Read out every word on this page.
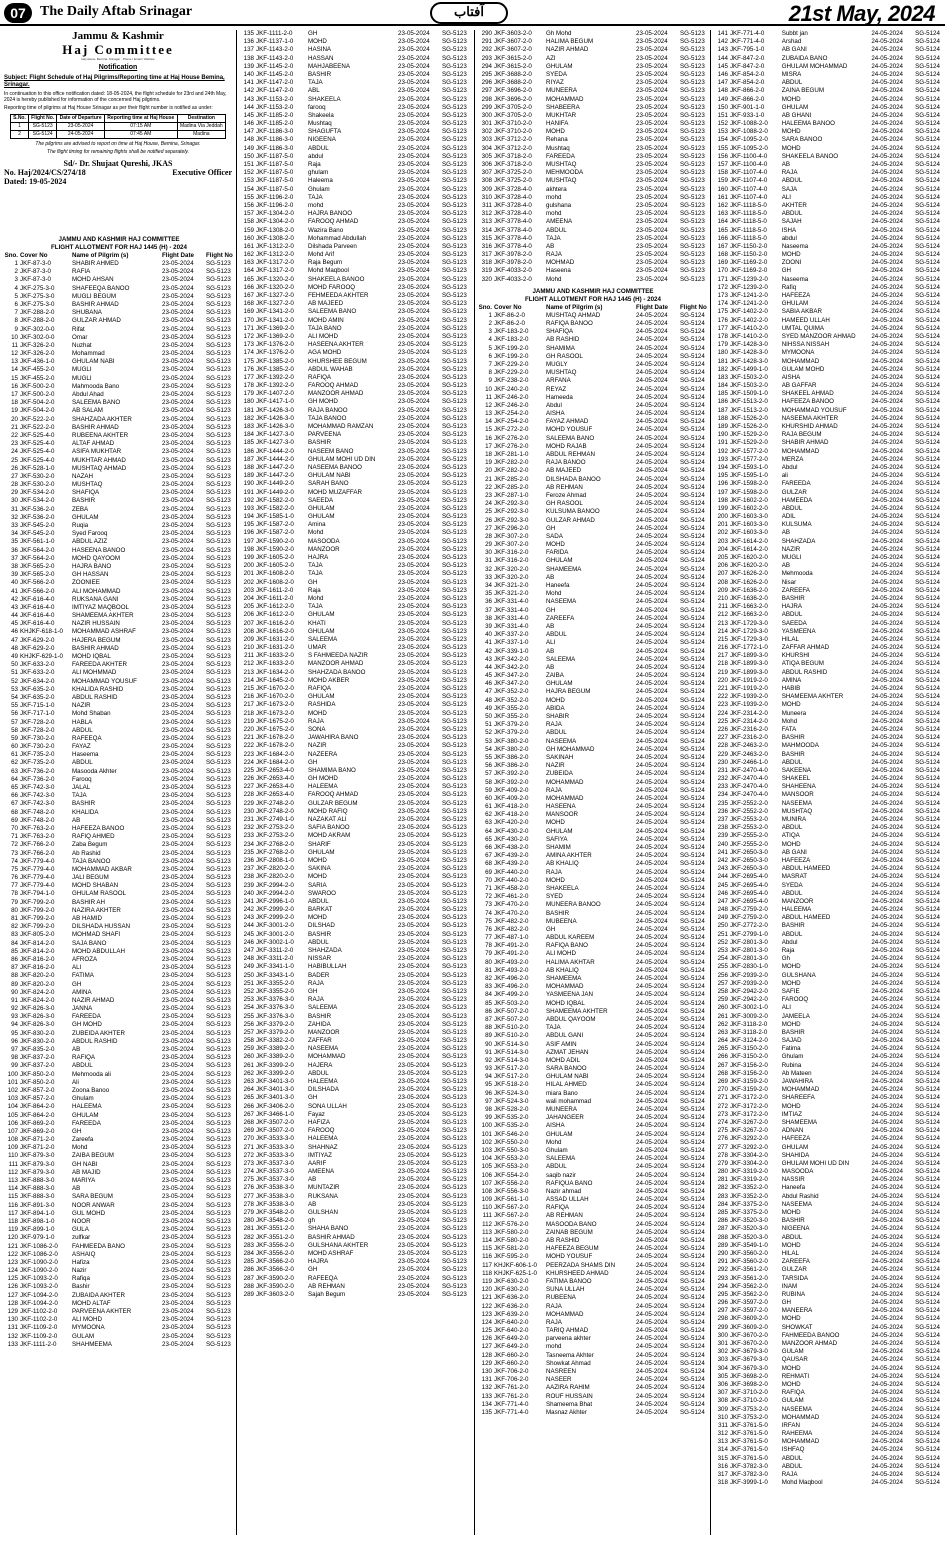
07	The Daily Aftab Srinagar	آفتاب	21st May, 2024
Jammu & Kashmir
Haj Committee
Haj House, Bemina, Srinagar · Phone / Email / Website
Notification
Subject: Flight Schedule of Haj Pilgrims/Reporting time at Haj House Bemina, Srinagar.
In continuation to this office notification dated: 18-05-2024, the flight schedule for 23rd and 24th May, 2024 is hereby published for information of the concerned Haj pilgrims.
Reporting time of pilgrims at Haj House Srinagar as per their flight number is notified as under:
S.No.	Flight No.	Date of Departure	Reporting time at Haj House	Destination
1	SG-5123	23-05-2024	07:15 AM	Madina Via Jeddah
2	SG-5124	24-05-2024	07:45 AM	Madina
The pilgrims are advised to report on time at Haj House, Bemina, Srinagar.
The flight timing for remaining flights shall be notified separately.
Sd/- Dr. Shujaat Qureshi, JKAS
No. Haj/2024/CS/274/18	Executive Officer
Dated: 19-05-2024
JAMMU AND KASHMIR HAJ COMMITTEE
FLIGHT ALLOTMENT FOR HAJ 1445 (H) - 2024
Sno. Cover No	Name of Pilgrim (s)	Flight Date	Flight No
1 JKF-87-3-0	SHABIR AHMED	23-05-2024	SG-5123
2 JKF-87-3-0	RAFIA	23-05-2024	SG-5123
3 JKF-87-3-0	MOHD AHSAN	23-05-2024	SG-5123
4 JKF-275-3-0	SHAFEEQA BANOO	23-05-2024	SG-5123
5 JKF-275-3-0	MUGLI BEGUM	23-05-2024	SG-5123
6 JKF-275-3-0	BASHIR AHMAD	23-05-2024	SG-5123
7 JKF-288-2-0	SHUBANA	23-05-2024	SG-5123
8 JKF-288-2-0	GULZAR AHMAD	23-05-2024	SG-5123
9 JKF-302-0-0	Rifat	23-05-2024	SG-5123
10 JKF-302-0-0	Omar	23-05-2024	SG-5123
11 JKF-326-2-0	Nuzhat	23-05-2024	SG-5123
12 JKF-326-2-0	Mohammad	23-05-2024	SG-5123
13 JKF-436-1-0	GHULAM NABI	23-05-2024	SG-5123
14 JKF-455-2-0	MUGLI	23-05-2024	SG-5123
15 JKF-455-2-0	MUGLI	23-05-2024	SG-5123
16 JKF-500-2-0	Mahmooda Bano	23-05-2024	SG-5123
17 JKF-500-2-0	Abdul Ahad	23-05-2024	SG-5123
18 JKF-504-2-0	SALEEMA BANO	23-05-2024	SG-5123
19 JKF-504-2-0	AB SALAM	23-05-2024	SG-5123
20 JKF-522-2-0	SHAHZADA AKHTER	23-05-2024	SG-5123
21 JKF-522-2-0	BASHIR AHMAD	23-05-2024	SG-5123
22 JKF-525-4-0	RUBEENA AKHTER	23-05-2024	SG-5123
23 JKF-525-4-0	ALTAF AHMAD	23-05-2024	SG-5123
24 JKF-525-4-0	ASIFA MUKHTAR	23-05-2024	SG-5123
25 JKF-525-4-0	MUKHTAR AHMAD	23-05-2024	SG-5123
26 JKF-528-1-0	MUSHTAQ AHMAD	23-05-2024	SG-5123
27 JKF-530-2-0	NAZAH	23-05-2024	SG-5123
28 JKF-530-2-0	MUSHTAQ	23-05-2024	SG-5123
29 JKF-534-2-0	SHAFIQA	23-05-2024	SG-5123
30 JKF-534-2-0	BASHIR	23-05-2024	SG-5123
31 JKF-536-2-0	ZEBA	23-05-2024	SG-5123
32 JKF-536-2-0	GHULAM	23-05-2024	SG-5123
33 JKF-545-2-0	Ruqia	23-05-2024	SG-5123
34 JKF-545-2-0	Syed Farooq	23-05-2024	SG-5123
35 JKF-561-1-0	ABDUL AZIZ	23-05-2024	SG-5123
36 JKF-564-2-0	HASEENA BANOO	23-05-2024	SG-5123
37 JKF-564-2-0	MOHD QAYOOM	23-05-2024	SG-5123
38 JKF-565-2-0	HAJRA BANO	23-05-2024	SG-5123
39 JKF-565-2-0	GH HASSAN	23-05-2024	SG-5123
40 JKF-566-2-0	ZOONIEE	23-05-2024	SG-5123
41 JKF-566-2-0	ALI MOHAMMAD	23-05-2024	SG-5123
42 JKF-616-4-0	RUKSANA GANI	23-05-2024	SG-5123
43 JKF-616-4-0	IMTIYAZ MAQBOOL	23-05-2024	SG-5123
44 JKF-616-4-0	SHAMEEMA AKHTER	23-05-2024	SG-5123
45 JKF-616-4-0	NAZIR HUSSAIN	23-05-2024	SG-5123
46 KHJKF-618-1-0	MOHAMMAD ASHRAF	23-05-2024	SG-5123
47 JKF-629-2-0	HAJERA BEGUM	23-05-2024	SG-5123
48 JKF-629-2-0	BASHIR AHMAD	23-05-2024	SG-5123
49 KHJKF-629-1-0	MOHD IQBAL	23-05-2024	SG-5123
50 JKF-633-2-0	FAREEDA AKHTER	23-05-2024	SG-5123
51 JKF-633-2-0	ALI MOHMMAD	23-05-2024	SG-5123
52 JKF-634-2-0	MOHAMMAD YOUSUF	23-05-2024	SG-5123
53 JKF-635-2-0	KHALIDA RASHID	23-05-2024	SG-5123
54 JKF-635-2-0	ABDUL RASHID	23-05-2024	SG-5123
55 JKF-715-1-0	NAZIR	23-05-2024	SG-5123
56 JKF-717-1-0	Mohd Shaban	23-05-2024	SG-5123
57 JKF-728-2-0	HABLA	23-05-2024	SG-5123
58 JKF-728-2-0	ABDUL	23-05-2024	SG-5123
59 JKF-730-2-0	RAFEEQA	23-05-2024	SG-5123
60 JKF-730-2-0	FAYAZ	23-05-2024	SG-5123
61 JKF-735-2-0	Haseema	23-05-2024	SG-5123
62 JKF-735-2-0	ABDUL	23-05-2024	SG-5123
63 JKF-736-2-0	Masooda Akhter	23-05-2024	SG-5123
64 JKF-736-2-0	Farooq	23-05-2024	SG-5123
65 JKF-742-3-0	JALAL	23-05-2024	SG-5123
66 JKF-742-3-0	TAJA	23-05-2024	SG-5123
67 JKF-742-3-0	BASHIR	23-05-2024	SG-5123
68 JKF-748-2-0	KHALIDA	23-05-2024	SG-5123
69 JKF-748-2-0	AB	23-05-2024	SG-5123
70 JKF-763-2-0	HAFEEZA BANOO	23-05-2024	SG-5123
71 JKF-763-2-0	RAFIQ AHMED	23-05-2024	SG-5123
72 JKF-766-2-0	Zaba Begum	23-05-2024	SG-5123
73 JKF-766-2-0	Ab Rashid	23-05-2024	SG-5123
74 JKF-779-4-0	TAJA BANOO	23-05-2024	SG-5123
75 JKF-779-4-0	MOHAMMAD AKBAR	23-05-2024	SG-5123
76 JKF-779-4-0	JALI BEGUM	23-05-2024	SG-5123
77 JKF-779-4-0	MOHD SHABAN	23-05-2024	SG-5123
78 JKF-794-1-0	GHULAM RASOOL	23-05-2024	SG-5123
79 JKF-799-2-0	BASHIR AH	23-05-2024	SG-5123
80 JKF-799-2-0	NAZIRA AKHTER	23-05-2024	SG-5123
81 JKF-799-2-0	AB HAMID	23-05-2024	SG-5123
82 JKF-799-2-0	DILSHADA HUSSAN	23-05-2024	SG-5123
83 JKF-805-2-0	MOHMAD SHAFI	23-05-2024	SG-5123
84 JKF-814-2-0	SAJA BANO	23-05-2024	SG-5123
85 JKF-814-2-0	MOHD ABDULLAH	23-05-2024	SG-5123
86 JKF-816-2-0	AFROZA	23-05-2024	SG-5123
87 JKF-816-2-0	ALI	23-05-2024	SG-5123
88 JKF-820-2-0	FATIMA	23-05-2024	SG-5123
89 JKF-820-2-0	GH	23-05-2024	SG-5123
90 JKF-824-2-0	AMINA	23-05-2024	SG-5123
91 JKF-824-2-0	NAZIR AHMAD	23-05-2024	SG-5123
92 JKF-826-3-0	JANNA	23-05-2024	SG-5123
93 JKF-826-3-0	FAREEDA	23-05-2024	SG-5123
94 JKF-826-3-0	GH MOHD	23-05-2024	SG-5123
95 JKF-830-2-0	ZUBEIDA AKHTER	23-05-2024	SG-5123
96 JKF-830-2-0	ABDUL RASHID	23-05-2024	SG-5123
97 JKF-835-2-0	AB	23-05-2024	SG-5123
98 JKF-837-2-0	RAFIQA	23-05-2024	SG-5123
99 JKF-837-2-0	ABDUL	23-05-2024	SG-5123
100 JKF-850-2-0	Mehmooda ali	23-05-2024	SG-5123
101 JKF-850-2-0	Ali	23-05-2024	SG-5123
102 JKF-857-2-0	Zoona Banoo	23-05-2024	SG-5123
103 JKF-857-2-0	Ghulam	23-05-2024	SG-5123
104 JKF-864-2-0	HALEEMA	23-05-2024	SG-5123
105 JKF-864-2-0	GHULAM	23-05-2024	SG-5123
106 JKF-869-2-0	FAREEDA	23-05-2024	SG-5123
107 JKF-869-2-0	GH	23-05-2024	SG-5123
108 JKF-871-2-0	Zareefa	23-05-2024	SG-5123
109 JKF-871-2-0	Mohd	23-05-2024	SG-5123
110 JKF-879-3-0	ZAIBA BEGUM	23-05-2024	SG-5123
111 JKF-879-3-0	GH NABI	23-05-2024	SG-5123
112 JKF-879-3-0	AB MAJID	23-05-2024	SG-5123
113 JKF-888-3-0	MARIYA	23-05-2024	SG-5123
114 JKF-888-3-0	AB	23-05-2024	SG-5123
115 JKF-888-3-0	SARA BEGUM	23-05-2024	SG-5123
116 JKF-891-3-0	NOOR ANWAR	23-05-2024	SG-5123
117 JKF-894-1-0	GUL MOHD	23-05-2024	SG-5123
118 JKF-898-1-0	NOOR	23-05-2024	SG-5123
119 JKF-899-1-0	GULA	23-05-2024	SG-5123
120 JKF-979-1-0	zulfkar	23-05-2024	SG-5123
121 JKF-1086-2-0	FAHMEEDA BANO	23-05-2024	SG-5123
122 JKF-1086-2-0	ASHAIQ	23-05-2024	SG-5123
123 JKF-1090-2-0	Hafiza	23-05-2024	SG-5123
124 JKF-1090-2-0	Nazir	23-05-2024	SG-5123
125 JKF-1093-2-0	Rafiqa	23-05-2024	SG-5123
126 JKF-1093-2-0	Bashir	23-05-2024	SG-5123
127 JKF-1094-2-0	ZUBAIDA AKHTER	23-05-2024	SG-5123
128 JKF-1094-2-0	MOHD ALTAF	23-05-2024	SG-5123
129 JKF-1102-2-0	PARVEENA AKHTER	23-05-2024	SG-5123
130 JKF-1102-2-0	ALI MOHD	23-05-2024	SG-5123
131 JKF-1109-2-0	MYMOONA	23-05-2024	SG-5123
132 JKF-1109-2-0	GULAM	23-05-2024	SG-5123
133 JKF-1111-2-0	SHAHMEEMA	23-05-2024	SG-5123
135 JKF-1111-2-0	GH	23-05-2024	SG-5123
136 JKF-1137-1-0	MOHD	23-05-2024	SG-5123
137 JKF-1143-2-0	HASINA	23-05-2024	SG-5123
138 JKF-1143-2-0	HASSAN	23-05-2024	SG-5123
139 JKF-1145-2-0	MAHJABEENA	23-05-2024	SG-5123
140 JKF-1145-2-0	BASHIR	23-05-2024	SG-5123
141 JKF-1147-2-0	TAJA	23-05-2024	SG-5123
142 JKF-1147-2-0	ABL	23-05-2024	SG-5123
143 JKF-1153-2-0	SHAKEELA	23-05-2024	SG-5123
144 JKF-1153-2-0	farooq	23-05-2024	SG-5123
145 JKF-1185-2-0	Shakeela	23-05-2024	SG-5123
146 JKF-1185-2-0	Mushtaq	23-05-2024	SG-5123
147 JKF-1186-3-0	SHAGUFTA	23-05-2024	SG-5123
148 JKF-1186-3-0	NIGEENA	23-05-2024	SG-5123
149 JKF-1186-3-0	ABDUL	23-05-2024	SG-5123
150 JKF-1187-5-0	abdul	23-05-2024	SG-5123
151 JKF-1187-5-0	Raja	23-05-2024	SG-5123
152 JKF-1187-5-0	ghulam	23-05-2024	SG-5123
153 JKF-1187-5-0	Haleema	23-05-2024	SG-5123
154 JKF-1187-5-0	Ghulam	23-05-2024	SG-5123
155 JKF-1196-2-0	TAJA	23-05-2024	SG-5123
156 JKF-1196-2-0	mohd	23-05-2024	SG-5123
157 JKF-1304-2-0	HAJRA BANOO	23-05-2024	SG-5123
158 JKF-1304-2-0	FAROOQ AHMAD	23-05-2024	SG-5123
159 JKF-1308-2-0	Wazira Bano	23-05-2024	SG-5123
160 JKF-1308-2-0	Mohammad Abdullah	23-05-2024	SG-5123
161 JKF-1312-2-0	Dilshada Parveen	23-05-2024	SG-5123
162 JKF-1312-2-0	Mohd Arif	23-05-2024	SG-5123
163 JKF-1317-2-0	Raja Begum	23-05-2024	SG-5123
164 JKF-1317-2-0	Mohd Maqbool	23-05-2024	SG-5123
165 JKF-1320-2-0	SHAKEELA BANOO	23-05-2024	SG-5123
166 JKF-1320-2-0	MOHD FAROOQ	23-05-2024	SG-5123
167 JKF-1327-2-0	FEHMEEDA AKHTER	23-05-2024	SG-5123
168 JKF-1327-2-0	AB MAJEED	23-05-2024	SG-5123
169 JKF-1341-2-0	SALEEMA BANO	23-05-2024	SG-5123
170 JKF-1341-2-0	MOHD AMIN	23-05-2024	SG-5123
171 JKF-1369-2-0	TAJA BANO	23-05-2024	SG-5123
172 JKF-1369-2-0	ALI MOHD	23-05-2024	SG-5123
173 JKF-1376-2-0	HASEENA AKHTER	23-05-2024	SG-5123
174 JKF-1376-2-0	AGA MOHD	23-05-2024	SG-5123
175 JKF-1385-2-0	KHURSHEE BEGUM	23-05-2024	SG-5123
176 JKF-1385-2-0	ABDUL WAHAB	23-05-2024	SG-5123
177 JKF-1392-2-0	RAFIQA	23-05-2024	SG-5123
178 JKF-1392-2-0	FAROOQ AHMAD	23-05-2024	SG-5123
179 JKF-1407-2-0	MANZOOR AHMAD	23-05-2024	SG-5123
180 JKF-1417-1-0	GH MOHD	23-05-2024	SG-5123
181 JKF-1426-3-0	RAJA BANOO	23-05-2024	SG-5123
182 JKF-1426-3-0	TAJA BANOO	23-05-2024	SG-5123
183 JKF-1426-3-0	MOHAMMAD RAMZAN	23-05-2024	SG-5123
184 JKF-1427-3-0	PARVEENA	23-05-2024	SG-5123
185 JKF-1427-3-0	BASHIR	23-05-2024	SG-5123
186 JKF-1444-2-0	NASEEM BANO	23-05-2024	SG-5123
187 JKF-1444-2-0	GHULAM MOHI UD DIN	23-05-2024	SG-5123
188 JKF-1447-2-0	NASEEMA BANOO	23-05-2024	SG-5123
189 JKF-1447-2-0	GHULAM NABI	23-05-2024	SG-5123
190 JKF-1449-2-0	SARAH BANO	23-05-2024	SG-5123
191 JKF-1449-2-0	MOHD MUZAFFAR	23-05-2024	SG-5123
192 JKF-1582-2-0	SAEEDA	23-05-2024	SG-5123
193 JKF-1582-2-0	GHULAM	23-05-2024	SG-5123
194 JKF-1585-1-0	GHULAM	23-05-2024	SG-5123
195 JKF-1587-2-0	Amina	23-05-2024	SG-5123
196 JKF-1587-2-0	Mohd	23-05-2024	SG-5123
197 JKF-1590-2-0	MASOODA	23-05-2024	SG-5123
198 JKF-1590-2-0	MANZOOR	23-05-2024	SG-5123
199 JKF-1605-2-0	HAJRA	23-05-2024	SG-5123
200 JKF-1605-2-0	TAJA	23-05-2024	SG-5123
201 JKF-1608-2-0	TAJA	23-05-2024	SG-5123
202 JKF-1608-2-0	GH	23-05-2024	SG-5123
203 JKF-1611-2-0	Raja	23-05-2024	SG-5123
204 JKF-1611-2-0	Mohd	23-05-2024	SG-5123
205 JKF-1612-2-0	TAJA	23-05-2024	SG-5123
206 JKF-1612-2-0	GHULAM	23-05-2024	SG-5123
207 JKF-1616-2-0	KHATI	23-05-2024	SG-5123
208 JKF-1616-2-0	GHULAM	23-05-2024	SG-5123
209 JKF-1631-2-0	SALEEMA	23-05-2024	SG-5123
210 JKF-1631-2-0	UMAR	23-05-2024	SG-5123
211 JKF-1633-2-0	S FAHMEEDA NAZIR	23-05-2024	SG-5123
212 JKF-1633-2-0	MANZOOR AHMAD	23-05-2024	SG-5123
213 JKF-1634-2-0	SHAHZADA BANOO	23-05-2024	SG-5123
214 JKF-1645-2-0	MOHD AKBER	23-05-2024	SG-5123
215 JKF-1670-2-0	RAFIQA	23-05-2024	SG-5123
216 JKF-1670-2-0	GHULAM	23-05-2024	SG-5123
217 JKF-1673-2-0	RASHIDA	23-05-2024	SG-5123
218 JKF-1673-2-0	MOHD	23-05-2024	SG-5123
219 JKF-1675-2-0	RAJA	23-05-2024	SG-5123
220 JKF-1675-2-0	SONA	23-05-2024	SG-5123
221 JKF-1678-2-0	JAWAHIRA BANO	23-05-2024	SG-5123
222 JKF-1678-2-0	NAZIR	23-05-2024	SG-5123
223 JKF-1684-2-0	NAZEERA	23-05-2024	SG-5123
224 JKF-1684-2-0	GH	23-05-2024	SG-5123
225 JKF-2653-4-0	SHAMIMA BANO	23-05-2024	SG-5123
226 JKF-2653-4-0	GH MOHD	23-05-2024	SG-5123
227 JKF-2653-4-0	HALEEMA	23-05-2024	SG-5123
228 JKF-2653-4-0	FAROOQ AHMAD	23-05-2024	SG-5123
229 JKF-2748-2-0	GULZAR BEGUM	23-05-2024	SG-5123
230 JKF-2748-2-0	MOHD RAFIQ	23-05-2024	SG-5123
231 JKF-2749-1-0	NAZAKAT ALI	23-05-2024	SG-5123
232 JKF-2753-2-0	SAFIA BANOO	23-05-2024	SG-5123
233 JKF-2753-2-0	MOHD AKRAM	23-05-2024	SG-5123
234 JKF-2768-2-0	SHARIF	23-05-2024	SG-5123
235 JKF-2768-2-0	GHULAM	23-05-2024	SG-5123
236 JKF-2808-1-0	MOHD	23-05-2024	SG-5123
237 JKF-2820-2-0	SAKINA	23-05-2024	SG-5123
238 JKF-2820-2-0	MOHD	23-05-2024	SG-5123
239 JKF-2994-2-0	SARIA	23-05-2024	SG-5123
240 JKF-2994-2-0	SWAROO	23-05-2024	SG-5123
241 JKF-2996-1-0	ABDUL	23-05-2024	SG-5123
242 JKF-2999-2-0	BARKAT	23-05-2024	SG-5123
243 JKF-2999-2-0	MOHD	23-05-2024	SG-5123
244 JKF-3001-2-0	DILSHAD	23-05-2024	SG-5123
245 JKF-3001-2-0	BASHIR	23-05-2024	SG-5123
246 JKF-3002-1-0	ABDUL	23-05-2024	SG-5123
247 JKF-3311-2-0	SHAHZADA	23-05-2024	SG-5123
248 JKF-3311-2-0	NISSAR	23-05-2024	SG-5123
249 JKF-3341-1-0	HABIBULLAH	23-05-2024	SG-5123
250 JKF-3343-1-0	BADER	23-05-2024	SG-5123
251 JKF-3355-2-0	RAJA	23-05-2024	SG-5123
252 JKF-3355-2-0	GH	23-05-2024	SG-5123
253 JKF-3376-3-0	RAJA	23-05-2024	SG-5123
254 JKF-3376-3-0	SALEEMA	23-05-2024	SG-5123
255 JKF-3376-3-0	BASHIR	23-05-2024	SG-5123
256 JKF-3379-2-0	ZAHIDA	23-05-2024	SG-5123
257 JKF-3379-2-0	MANZOOR	23-05-2024	SG-5123
258 JKF-3382-2-0	ZAFFAR	23-05-2024	SG-5123
259 JKF-3389-2-0	NASEEMA	23-05-2024	SG-5123
260 JKF-3389-2-0	MOHAMMAD	23-05-2024	SG-5123
261 JKF-3399-2-0	HAJERA	23-05-2024	SG-5123
262 JKF-3399-2-0	ABDUL	23-05-2024	SG-5123
263 JKF-3401-3-0	HALEEMA	23-05-2024	SG-5123
264 JKF-3401-3-0	DILSHADA	23-05-2024	SG-5123
265 JKF-3401-3-0	GH	23-05-2024	SG-5123
266 JKF-3406-2-0	SONA ULLAH	23-05-2024	SG-5123
267 JKF-3466-1-0	Fayaz	23-05-2024	SG-5123
268 JKF-3507-2-0	HAFIZA	23-05-2024	SG-5123
269 JKF-3507-2-0	FAROOQ	23-05-2024	SG-5123
270 JKF-3533-3-0	HALEEMA	23-05-2024	SG-5123
271 JKF-3533-3-0	SHAHNAZ	23-05-2024	SG-5123
272 JKF-3533-3-0	IMTIYAZ	23-05-2024	SG-5123
273 JKF-3537-3-0	AARIF	23-05-2024	SG-5123
274 JKF-3537-3-0	AMEENA	23-05-2024	SG-5123
275 JKF-3537-3-0	AB	23-05-2024	SG-5123
276 JKF-3538-3-0	MUNTAZIR	23-05-2024	SG-5123
277 JKF-3538-3-0	RUKSANA	23-05-2024	SG-5123
278 JKF-3538-3-0	AB	23-05-2024	SG-5123
279 JKF-3548-2-0	GULSHAN	23-05-2024	SG-5123
280 JKF-3548-2-0	gh	23-05-2024	SG-5123
281 JKF-3551-2-0	SHAHA BANO	23-05-2024	SG-5123
282 JKF-3551-2-0	BASHIR AHMAD	23-05-2024	SG-5123
283 JKF-3556-2-0	GULSHANA AKHTER	23-05-2024	SG-5123
284 JKF-3556-2-0	MOHD ASHRAF	23-05-2024	SG-5123
285 JKF-3566-2-0	HAJRA	23-05-2024	SG-5123
286 JKF-3566-2-0	GH	23-05-2024	SG-5123
287 JKF-3590-2-0	RAFEEQA	23-05-2024	SG-5123
288 JKF-3590-2-0	AB REHMAN	23-05-2024	SG-5123
289 JKF-3603-2-0	Sajah Begum	23-05-2024	SG-5123
290 JKF-3603-2-0	Gh Mohd	23-05-2024	SG-5123
291 JKF-3607-2-0	HALIMA BEGUM	23-05-2024	SG-5123
292 JKF-3607-2-0	NAZIR AHMAD	23-05-2024	SG-5123
293 JKF-3615-2-0	AZI	23-05-2024	SG-5123
294 JKF-3615-2-0	GHULAM	23-05-2024	SG-5123
295 JKF-3688-2-0	SYEDA	23-05-2024	SG-5123
296 JKF-3688-2-0	RIYAZ	23-05-2024	SG-5123
297 JKF-3696-2-0	MUNEERA	23-05-2024	SG-5123
298 JKF-3696-2-0	MOHAMMAD	23-05-2024	SG-5123
299 JKF-3705-2-0	SHABEERA	23-05-2024	SG-5123
300 JKF-3705-2-0	MUKHTAR	23-05-2024	SG-5123
301 JKF-3710-2-0	HANIFA	23-05-2024	SG-5123
302 JKF-3710-2-0	MOHD	23-05-2024	SG-5123
303 JKF-3712-2-0	Rehana	23-05-2024	SG-5123
304 JKF-3712-2-0	Mushtaq	23-05-2024	SG-5123
305 JKF-3718-2-0	FAREEDA	23-05-2024	SG-5123
306 JKF-3718-2-0	MUSHTAQ	23-05-2024	SG-5123
307 JKF-3725-2-0	MEHMOODA	23-05-2024	SG-5123
308 JKF-3725-2-0	MUSHTAQ	23-05-2024	SG-5123
309 JKF-3728-4-0	akhtera	23-05-2024	SG-5123
310 JKF-3728-4-0	mohd	23-05-2024	SG-5123
311 JKF-3728-4-0	gulshana	23-05-2024	SG-5123
312 JKF-3728-4-0	mohd	23-05-2024	SG-5123
313 JKF-3778-4-0	AMEENA	23-05-2024	SG-5123
314 JKF-3778-4-0	ABDUL	23-05-2024	SG-5123
315 JKF-3778-4-0	TAJA	23-05-2024	SG-5123
316 JKF-3778-4-0	AB	23-05-2024	SG-5123
317 JKF-3978-2-0	RAJA	23-05-2024	SG-5123
318 JKF-3978-2-0	MOHMAD	23-05-2024	SG-5123
319 JKF-4033-2-0	Haseena	23-05-2024	SG-5123
320 JKF-4033-2-0	Mohd	23-05-2024	SG-5123
JAMMU AND KASHMIR HAJ COMMITTEE
FLIGHT ALLOTMENT FOR HAJ 1445 (H) - 2024
Sno. Cover No	Name of Pilgrim (s)	Flight Date	Flight No
1 JKF-86-2-0	MUSHTAQ AHMAD	24-05-2024	SG-5124
2 JKF-86-2-0	RAFIQA BANOO	24-05-2024	SG-5124
3 JKF-183-2-0	SHAFIQA	24-05-2024	SG-5124
4 JKF-183-2-0	AB RASHID	24-05-2024	SG-5124
5 JKF-199-2-0	SHAMIMA	24-05-2024	SG-5124
6 JKF-199-2-0	GH RASOOL	24-05-2024	SG-5124
7 JKF-229-2-0	MUGLY	24-05-2024	SG-5124
8 JKF-229-2-0	MUSHTAQ	24-05-2024	SG-5124
9 JKF-238-2-0	ARFANA	24-05-2024	SG-5124
10 JKF-240-2-0	REYAZ	24-05-2024	SG-5124
11 JKF-246-2-0	Hameeda	24-05-2024	SG-5124
12 JKF-246-2-0	Abdul	24-05-2024	SG-5124
13 JKF-254-2-0	AISHA	24-05-2024	SG-5124
14 JKF-254-2-0	FAYAZ AHMAD	24-05-2024	SG-5124
15 JKF-272-2-0	MOHD YOUSUF	24-05-2024	SG-5124
16 JKF-276-2-0	SALEEMA BANO	24-05-2024	SG-5124
17 JKF-276-2-0	MOHD RAJAB	24-05-2024	SG-5124
18 JKF-281-1-0	ABDUL REHMAN	24-05-2024	SG-5124
19 JKF-282-2-0	RAJA BANOO	24-05-2024	SG-5124
20 JKF-282-2-0	AB MAJEED	24-05-2024	SG-5124
21 JKF-285-2-0	DILSHADA BANOO	24-05-2024	SG-5124
22 JKF-285-2-0	AB REHMAN	24-05-2024	SG-5124
23 JKF-287-1-0	Feroze Ahmad	24-05-2024	SG-5124
24 JKF-292-3-0	GH RASOOL	24-05-2024	SG-5124
25 JKF-292-3-0	KULSUMA BANOO	24-05-2024	SG-5124
26 JKF-292-3-0	GULZAR AHMAD	24-05-2024	SG-5124
27 JKF-296-2-0	GH	24-05-2024	SG-5124
28 JKF-307-2-0	SADA	24-05-2024	SG-5124
29 JKF-307-2-0	MOHD	24-05-2024	SG-5124
30 JKF-316-2-0	FARIDA	24-05-2024	SG-5124
31 JKF-316-2-0	GHULAM	24-05-2024	SG-5124
32 JKF-320-2-0	SHAMEEMA	24-05-2024	SG-5124
33 JKF-320-2-0	AB	24-05-2024	SG-5124
34 JKF-321-2-0	Haneefa	24-05-2024	SG-5124
35 JKF-321-2-0	Mohd	24-05-2024	SG-5124
36 JKF-331-4-0	NASEEMA	24-05-2024	SG-5124
37 JKF-331-4-0	GH	24-05-2024	SG-5124
38 JKF-331-4-0	ZAREEFA	24-05-2024	SG-5124
39 JKF-331-4-0	AB	24-05-2024	SG-5124
40 JKF-337-2-0	ABDUL	24-05-2024	SG-5124
41 JKF-337-1-0	ALI	24-05-2024	SG-5124
42 JKF-339-1-0	AB	24-05-2024	SG-5124
43 JKF-342-2-0	SALEEMA	24-05-2024	SG-5124
44 JKF-342-2-0	AB	24-05-2024	SG-5124
45 JKF-347-2-0	ZAIBA	24-05-2024	SG-5124
46 JKF-347-2-0	GHULAM	24-05-2024	SG-5124
47 JKF-352-2-0	HAJRA BEGUM	24-05-2024	SG-5124
48 JKF-352-2-0	MOHD	24-05-2024	SG-5124
49 JKF-355-2-0	ABIDA	24-05-2024	SG-5124
50 JKF-355-2-0	SHABIR	24-05-2024	SG-5124
51 JKF-379-2-0	RAJA	24-05-2024	SG-5124
52 JKF-379-2-0	ABDUL	24-05-2024	SG-5124
53 JKF-380-2-0	NASEEMA	24-05-2024	SG-5124
54 JKF-380-2-0	GH MOHAMMAD	24-05-2024	SG-5124
55 JKF-386-2-0	SAKINAH	24-05-2024	SG-5124
56 JKF-386-2-0	NAZIR	24-05-2024	SG-5124
57 JKF-392-2-0	ZUBEIDA	24-05-2024	SG-5124
58 JKF-392-2-0	MOHAMMAD	24-05-2024	SG-5124
59 JKF-409-2-0	RAJA	24-05-2024	SG-5124
60 JKF-409-2-0	MOHAMMAD	24-05-2024	SG-5124
61 JKF-418-2-0	HASEENA	24-05-2024	SG-5124
62 JKF-418-2-0	MANSOOR	24-05-2024	SG-5124
63 JKF-420-2-0	MOHD	24-05-2024	SG-5124
64 JKF-430-2-0	GHULAM	24-05-2024	SG-5124
65 JKF-430-2-0	SAFIYA	24-05-2024	SG-5124
66 JKF-438-2-0	SHAMIM	24-05-2024	SG-5124
67 JKF-439-2-0	AMINA AKHTER	24-05-2024	SG-5124
68 JKF-439-2-0	AB KHALIQ	24-05-2024	SG-5124
69 JKF-440-2-0	RAJA	24-05-2024	SG-5124
70 JKF-440-2-0	MOHD	24-05-2024	SG-5124
71 JKF-458-2-0	SHAKEELA	24-05-2024	SG-5124
72 JKF-461-2-0	SYED	24-05-2024	SG-5124
73 JKF-470-2-0	MUNEERA BANOO	24-05-2024	SG-5124
74 JKF-470-2-0	BASHIR	24-05-2024	SG-5124
75 JKF-482-2-0	MUBEENA	24-05-2024	SG-5124
76 JKF-482-2-0	GH	24-05-2024	SG-5124
77 JKF-487-1-0	ABDUL KAREEM	24-05-2024	SG-5124
78 JKF-491-2-0	RAFIQA BANO	24-05-2024	SG-5124
79 JKF-491-2-0	ALI MOHD	24-05-2024	SG-5124
80 JKF-493-2-0	HALIMA AKHTAR	24-05-2024	SG-5124
81 JKF-493-2-0	AB KHALIQ	24-05-2024	SG-5124
82 JKF-496-2-0	SHAMEEMA	24-05-2024	SG-5124
83 JKF-496-2-0	MOHAMMAD	24-05-2024	SG-5124
84 JKF-499-2-0	YASMEENA JAN	24-05-2024	SG-5124
85 JKF-503-2-0	MOHD IQBAL	24-05-2024	SG-5124
86 JKF-507-2-0	SHAMEEMA AKHTER	24-05-2024	SG-5124
87 JKF-507-2-0	ABDUL QAYOOM	24-05-2024	SG-5124
88 JKF-510-2-0	TAJA	24-05-2024	SG-5124
89 JKF-510-2-0	ABDUL GANI	24-05-2024	SG-5124
90 JKF-514-3-0	ASIF AMIN	24-05-2024	SG-5124
91 JKF-514-3-0	AZMAT JEHAN	24-05-2024	SG-5124
92 JKF-514-3-0	MOHD ADIL	24-05-2024	SG-5124
93 JKF-517-2-0	SARA BANOO	24-05-2024	SG-5124
94 JKF-517-2-0	GHULAM NABI	24-05-2024	SG-5124
95 JKF-518-2-0	HILAL AHMED	24-05-2024	SG-5124
96 JKF-524-3-0	miara Bano	24-05-2024	SG-5124
97 JKF-524-3-0	wali mohammad	24-05-2024	SG-5124
98 JKF-528-2-0	MUNEERA	24-05-2024	SG-5124
99 JKF-535-2-0	JAHANGEER	24-05-2024	SG-5124
100 JKF-535-2-0	AISHA	24-05-2024	SG-5124
101 JKF-546-2-0	GHULAM	24-05-2024	SG-5124
102 JKF-550-2-0	Mohd	24-05-2024	SG-5124
103 JKF-550-3-0	Ghulam	24-05-2024	SG-5124
104 JKF-553-2-0	SALEEMA	24-05-2024	SG-5124
105 JKF-553-2-0	ABDUL	24-05-2024	SG-5124
106 JKF-554-2-0	saqib nazir	24-05-2024	SG-5124
107 JKF-556-2-0	RAFIQUA BANO	24-05-2024	SG-5124
108 JKF-556-3-0	Nazir ahmad	24-05-2024	SG-5124
109 JKF-561-1-0	ASSAD ULLAH	24-05-2024	SG-5124
110 JKF-567-2-0	RAFIQA	24-05-2024	SG-5124
111 JKF-567-2-0	AB REHMAN	24-05-2024	SG-5124
112 JKF-576-2-0	MASOODA BANO	24-05-2024	SG-5124
113 JKF-580-2-0	ZAINAB BEGUM	24-05-2024	SG-5124
114 JKF-580-2-0	AB RASHID	24-05-2024	SG-5124
115 JKF-581-2-0	HAFEEZA BEGUM	24-05-2024	SG-5124
116 JKF-595-2-0	MOHD YOUSUF	24-05-2024	SG-5124
117 KHJKF-606-1-0	PEERZADA SHAMS DIN	24-05-2024	SG-5124
118 KHJKF-625-1-0	KHURSHEED AHMAD	24-05-2024	SG-5124
119 JKF-630-2-0	FATIMA BANOO	24-05-2024	SG-5124
120 JKF-630-2-0	SUNA ULLAH	24-05-2024	SG-5124
121 JKF-636-2-0	RUBEENA	24-05-2024	SG-5124
122 JKF-636-2-0	RAJA	24-05-2024	SG-5124
123 JKF-639-2-0	MOHAMMAD	24-05-2024	SG-5124
124 JKF-640-2-0	RAJA	24-05-2024	SG-5124
125 JKF-640-2-0	TARIQ AHMAD	24-05-2024	SG-5124
126 JKF-649-2-0	parveena akhter	24-05-2024	SG-5124
127 JKF-649-2-0	mohd	24-05-2024	SG-5124
128 JKF-660-2-0	Tasneema Akhter	24-05-2024	SG-5124
129 JKF-660-2-0	Showkat Ahmad	24-05-2024	SG-5124
130 JKF-706-2-0	NASREEN	24-05-2024	SG-5124
131 JKF-706-2-0	NASEER	24-05-2024	SG-5124
132 JKF-761-2-0	AAZIRA RAHIM	24-05-2024	SG-5124
133 JKF-761-2-0	ROUF HUSSAIN	24-05-2024	SG-5124
134 JKF-771-4-0	Shameema Bhat	24-05-2024	SG-5124
135 JKF-771-4-0	Masnaz Akhter	24-05-2024	SG-5124
141 JKF-771-4-0	Subbt jan	24-05-2024	SG-5124
142 JKF-771-4-0	Arshad	24-05-2024	SG-5124
143 JKF-795-1-0	AB GANI	24-05-2024	SG-5124
144 JKF-847-2-0	ZUBAIDA BANO	24-05-2024	SG-5124
145 JKF-847-2-0	GHULAM MOHAMMAD	24-05-2024	SG-5124
146 JKF-854-2-0	MISRA	24-05-2024	SG-5124
147 JKF-854-2-0	ABDUL	24-05-2024	SG-5124
148 JKF-866-2-0	ZAINA BEGUM	24-05-2024	SG-5124
149 JKF-866-2-0	MOHD	24-05-2024	SG-5124
150 JKF-901-1-0	GHULAM	24-05-2024	SG-5124
151 JKF-933-1-0	AB GHANI	24-05-2024	SG-5124
152 JKF-1088-2-0	HALEEMA BANOO	24-05-2024	SG-5124
153 JKF-1088-2-0	MOHD	24-05-2024	SG-5124
154 JKF-1095-2-0	SARA BANOO	24-05-2024	SG-5124
155 JKF-1095-2-0	MOHD	24-05-2024	SG-5124
156 JKF-1100-4-0	SHAKEELA BANOO	24-05-2024	SG-5124
157 JKF-1100-4-0	AB	24-05-2024	SG-5124
158 JKF-1107-4-0	RAJA	24-05-2024	SG-5124
159 JKF-1107-4-0	ABDUL	24-05-2024	SG-5124
160 JKF-1107-4-0	SAJA	24-05-2024	SG-5124
161 JKF-1107-4-0	ALI	24-05-2024	SG-5124
162 JKF-1118-5-0	AKHTER	24-05-2024	SG-5124
163 JKF-1118-5-0	ABDUL	24-05-2024	SG-5124
164 JKF-1118-5-0	SAJAH	24-05-2024	SG-5124
165 JKF-1118-5-0	ISHA	24-05-2024	SG-5124
166 JKF-1118-5-0	abdul	24-05-2024	SG-5124
167 JKF-1150-2-0	Naseema	24-05-2024	SG-5124
168 JKF-1150-2-0	MOHD	24-05-2024	SG-5124
169 JKF-1169-2-0	ZOONI	24-05-2024	SG-5124
170 JKF-1169-2-0	GH	24-05-2024	SG-5124
171 JKF-1239-2-0	Naseema	24-05-2024	SG-5124
172 JKF-1239-2-0	Rafiq	24-05-2024	SG-5124
173 JKF-1241-2-0	HAFEEZA	24-05-2024	SG-5124
174 JKF-1241-2-0	GHULAM	24-05-2024	SG-5124
175 JKF-1402-2-0	SABIA AKBAR	24-05-2024	SG-5124
176 JKF-1402-2-0	HAMEED ULLAH	24-05-2024	SG-5124
177 JKF-1410-2-0	UMTAL QUIMA	24-05-2024	SG-5124
178 JKF-1410-2-0	SYED MANZOOR AHMAD	24-05-2024	SG-5124
179 JKF-1428-3-0	NIHSSA NISSAH	24-05-2024	SG-5124
180 JKF-1428-3-0	MYMOONA	24-05-2024	SG-5124
181 JKF-1428-3-0	MOHAMMAD	24-05-2024	SG-5124
182 JKF-1499-1-0	GULAM MOHD	24-05-2024	SG-5124
183 JKF-1503-2-0	AISHA	24-05-2024	SG-5124
184 JKF-1503-2-0	AB GAFFAR	24-05-2024	SG-5124
185 JKF-1509-1-0	SHAKEEL AHMAD	24-05-2024	SG-5124
186 JKF-1513-2-0	HAFEEZA BANOO	24-05-2024	SG-5124
187 JKF-1513-2-0	MOHAMMAD YOUSUF	24-05-2024	SG-5124
188 JKF-1526-2-0	NASEEMA AKHTER	24-05-2024	SG-5124
189 JKF-1526-2-0	KHURSHID AHMAD	24-05-2024	SG-5124
190 JKF-1529-2-0	RAJA BEGUM	24-05-2024	SG-5124
191 JKF-1529-2-0	SHABIR AHMAD	24-05-2024	SG-5124
192 JKF-1577-2-0	MOHAMMAD	24-05-2024	SG-5124
193 JKF-1577-2-0	MERZA	24-05-2024	SG-5124
194 JKF-1593-1-0	Abdul	24-05-2024	SG-5124
195 JKF-1595-1-0	ali	24-05-2024	SG-5124
196 JKF-1598-2-0	FAREEDA	24-05-2024	SG-5124
197 JKF-1598-2-0	GULZAR	24-05-2024	SG-5124
198 JKF-1602-2-0	HAMEEDA	24-05-2024	SG-5124
199 JKF-1602-2-0	ABDUL	24-05-2024	SG-5124
200 JKF-1603-3-0	ADIL	24-05-2024	SG-5124
201 JKF-1603-3-0	KULSUMA	24-05-2024	SG-5124
202 JKF-1603-3-0	AB	24-05-2024	SG-5124
203 JKF-1614-2-0	SHAHZADA	24-05-2024	SG-5124
204 JKF-1614-2-0	NAZIR	24-05-2024	SG-5124
205 JKF-1620-2-0	MUGLI	24-05-2024	SG-5124
206 JKF-1620-2-0	AB	24-05-2024	SG-5124
207 JKF-1626-2-0	Mehmooda	24-05-2024	SG-5124
208 JKF-1626-2-0	Nisar	24-05-2024	SG-5124
209 JKF-1636-2-0	ZAREEFA	24-05-2024	SG-5124
210 JKF-1636-2-0	BASHIR	24-05-2024	SG-5124
211 JKF-1663-2-0	HAJRA	24-05-2024	SG-5124
212 JKF-1663-2-0	ABDUL	24-05-2024	SG-5124
213 JKF-1729-3-0	SAEEDA	24-05-2024	SG-5124
214 JKF-1729-3-0	YASMEENA	24-05-2024	SG-5124
215 JKF-1729-3-0	HILAL	24-05-2024	SG-5124
216 JKF-1772-1-0	ZAFFAR AHMAD	24-05-2024	SG-5124
217 JKF-1899-3-0	KHURSHI	24-05-2024	SG-5124
218 JKF-1899-3-0	ATIQA BEGUM	24-05-2024	SG-5124
219 JKF-1899-3-0	ABDUL RASHID	24-05-2024	SG-5124
220 JKF-1919-2-0	AMINA	24-05-2024	SG-5124
221 JKF-1919-2-0	HABIB	24-05-2024	SG-5124
222 JKF-1939-2-0	SHAMEEMA AKHTER	24-05-2024	SG-5124
223 JKF-1939-2-0	MOHD	24-05-2024	SG-5124
224 JKF-2314-2-0	Muneera	24-05-2024	SG-5124
225 JKF-2314-2-0	Mohd	24-05-2024	SG-5124
226 JKF-2316-2-0	FATA	24-05-2024	SG-5124
227 JKF-2316-2-0	BASHIR	24-05-2024	SG-5124
228 JKF-2463-2-0	MAHMOODA	24-05-2024	SG-5124
229 JKF-2463-2-0	BASHIR	24-05-2024	SG-5124
230 JKF-2466-1-0	ABDUL	24-05-2024	SG-5124
231 JKF-2470-4-0	SAKEENA	24-05-2024	SG-5124
232 JKF-2470-4-0	SHAKEEL	24-05-2024	SG-5124
233 JKF-2470-4-0	SHAHEENA	24-05-2024	SG-5124
234 JKF-2470-4-0	MANSOOR	24-05-2024	SG-5124
235 JKF-2552-2-0	NASEEMA	24-05-2024	SG-5124
236 JKF-2552-2-0	MUSHTAQ	24-05-2024	SG-5124
237 JKF-2553-2-0	MUNIRA	24-05-2024	SG-5124
238 JKF-2553-2-0	ABDUL	24-05-2024	SG-5124
239 JKF-2555-2-0	ATIQA	24-05-2024	SG-5124
240 JKF-2555-2-0	MOHD	24-05-2024	SG-5124
241 JKF-2650-3-0	AB GANI	24-05-2024	SG-5124
242 JKF-2650-3-0	HAFEEZA	24-05-2024	SG-5124
243 JKF-2650-3-0	ABDUL HAMEED	24-05-2024	SG-5124
244 JKF-2695-4-0	MASRAT	24-05-2024	SG-5124
245 JKF-2695-4-0	SYEDA	24-05-2024	SG-5124
246 JKF-2695-4-0	ABDUL	24-05-2024	SG-5124
247 JKF-2695-4-0	MANZOOR	24-05-2024	SG-5124
248 JKF-2759-2-0	HALEEMA	24-05-2024	SG-5124
249 JKF-2759-2-0	ABDUL HAMEED	24-05-2024	SG-5124
250 JKF-2772-2-0	BASHIR	24-05-2024	SG-5124
251 JKF-2799-1-0	ABDUL	24-05-2024	SG-5124
252 JKF-2801-3-0	Abdul	24-05-2024	SG-5124
253 JKF-2801-3-0	Raja	24-05-2024	SG-5124
254 JKF-2801-3-0	Gh	24-05-2024	SG-5124
255 JKF-2830-1-0	MOHD	24-05-2024	SG-5124
256 JKF-2939-2-0	GULSHANA	24-05-2024	SG-5124
257 JKF-2939-2-0	MOHD	24-05-2024	SG-5124
258 JKF-2942-2-0	SAFIE	24-05-2024	SG-5124
259 JKF-2942-2-0	FAROOQ	24-05-2024	SG-5124
260 JKF-3002-1-0	ALI	24-05-2024	SG-5124
261 JKF-3009-2-0	JAMEELA	24-05-2024	SG-5124
262 JKF-3118-2-0	MOHD	24-05-2024	SG-5124
263 JKF-3118-2-0	BASHIR	24-05-2024	SG-5124
264 JKF-3124-2-0	SAJAD	24-05-2024	SG-5124
265 JKF-3150-2-0	Fatima	24-05-2024	SG-5124
266 JKF-3150-2-0	Ghulam	24-05-2024	SG-5124
267 JKF-3156-2-0	Rubina	24-05-2024	SG-5124
268 JKF-3156-2-0	Ab Mateen	24-05-2024	SG-5124
269 JKF-3159-2-0	JAWAHIRA	24-05-2024	SG-5124
270 JKF-3159-2-0	MOHAMMAD	24-05-2024	SG-5124
271 JKF-3172-2-0	SHAREEFA	24-05-2024	SG-5124
272 JKF-3172-2-0	MOHD	24-05-2024	SG-5124
273 JKF-3172-2-0	IMTIAZ	24-05-2024	SG-5124
274 JKF-3267-2-0	SHAMEEMA	24-05-2024	SG-5124
275 JKF-3267-2-0	ADNAN	24-05-2024	SG-5124
276 JKF-3292-2-0	HAFEEZA	24-05-2024	SG-5124
277 JKF-3292-2-0	GHULAM	24-05-2024	SG-5124
278 JKF-3304-2-0	SHAHIDA	24-05-2024	SG-5124
279 JKF-3304-2-0	GHULAM MOHI UD DIN	24-05-2024	SG-5124
280 JKF-3319-2-0	MASOODA	24-05-2024	SG-5124
281 JKF-3319-2-0	NASSIR	24-05-2024	SG-5124
282 JKF-3352-2-0	Haneefa	24-05-2024	SG-5124
283 JKF-3352-2-0	Abdul Rashid	24-05-2024	SG-5124
284 JKF-3375-2-0	NASEEMA	24-05-2024	SG-5124
285 JKF-3375-2-0	MOHD	24-05-2024	SG-5124
286 JKF-3520-3-0	BASHIR	24-05-2024	SG-5124
287 JKF-3520-3-0	NIGEENA	24-05-2024	SG-5124
288 JKF-3520-3-0	ABDUL	24-05-2024	SG-5124
289 JKF-3549-1-0	MOHD	24-05-2024	SG-5124
290 JKF-3560-2-0	HILAL	24-05-2024	SG-5124
291 JKF-3560-2-0	ZAREEFA	24-05-2024	SG-5124
292 JKF-3561-2-0	GULZAR	24-05-2024	SG-5124
293 JKF-3561-2-0	TARSIDA	24-05-2024	SG-5124
294 JKF-3562-2-0	INAM	24-05-2024	SG-5124
295 JKF-3562-2-0	RUBINA	24-05-2024	SG-5124
296 JKF-3597-2-0	GH	24-05-2024	SG-5124
297 JKF-3597-2-0	MANEERA	24-05-2024	SG-5124
298 JKF-3609-2-0	MOHD	24-05-2024	SG-5124
299 JKF-3609-2-0	SHOWKAT	24-05-2024	SG-5124
300 JKF-3670-2-0	FAHMEEDA BANOO	24-05-2024	SG-5124
301 JKF-3670-2-0	MANZOOR AHMAD	24-05-2024	SG-5124
302 JKF-3679-3-0	GULAM	24-05-2024	SG-5124
303 JKF-3679-3-0	QAUSAR	24-05-2024	SG-5124
304 JKF-3679-3-0	MOHD	24-05-2024	SG-5124
305 JKF-3698-2-0	REHMATI	24-05-2024	SG-5124
306 JKF-3698-2-0	MOHD	24-05-2024	SG-5124
307 JKF-3710-2-0	RAFIQA	24-05-2024	SG-5124
308 JKF-3710-2-0	GULAM	24-05-2024	SG-5124
309 JKF-3753-2-0	NASEEMA	24-05-2024	SG-5124
310 JKF-3753-2-0	MOHAMMAD	24-05-2024	SG-5124
311 JKF-3761-5-0	IRFAN	24-05-2024	SG-5124
312 JKF-3761-5-0	RAHEEMA	24-05-2024	SG-5124
313 JKF-3761-5-0	MOHAMMAD	24-05-2024	SG-5124
314 JKF-3761-5-0	ISHFAQ	24-05-2024	SG-5124
315 JKF-3761-5-0	ABDUL	24-05-2024	SG-5124
316 JKF-3782-3-0	ABDUL	24-05-2024	SG-5124
317 JKF-3782-3-0	RAJA	24-05-2024	SG-5124
318 JKF-3999-1-0	Mohd Maqbool	24-05-2024	SG-5124
